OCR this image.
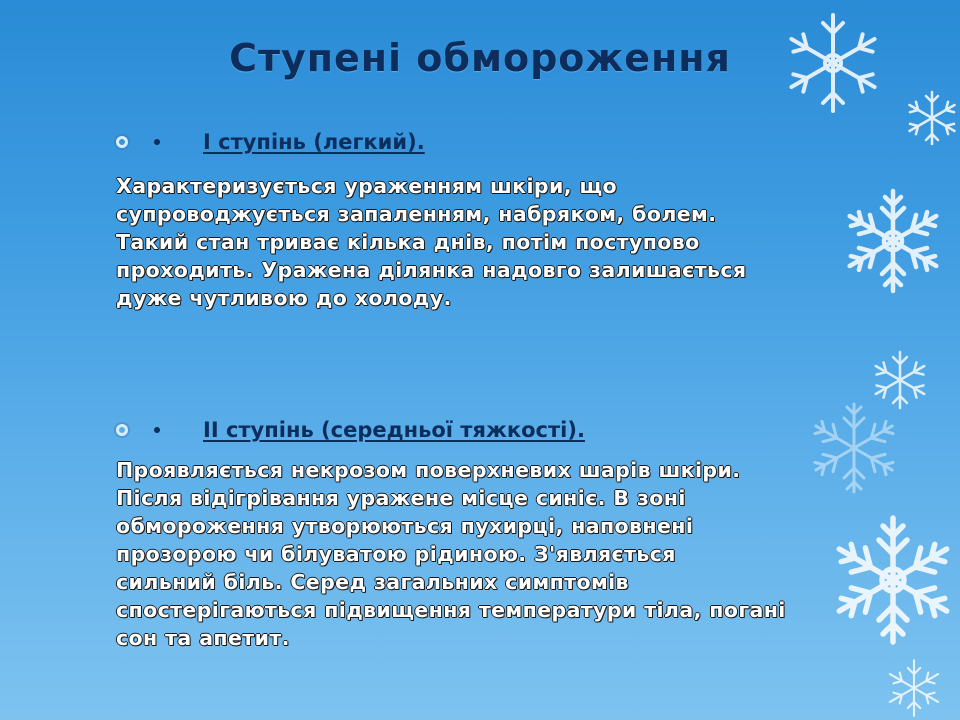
Ступені обмороження
І ступінь (легкий).

Характеризується ураженням шкіри, що
супроводжується запаленням, набряком, болем.
Такий стан триває кілька днів, потім поступово
проходить. Уражена ділянка надовго залишається
дуже чутливою до холоду.

ІІ ступінь (середньої тяжкості).

Проявляється некрозом поверхневих шарів шкіри.
Після відігрівання уражене місце синіє. В зоні
обмороження утворюються пухирці, наповнені
прозорою чи білуватою рідиною. З'являється
сильний біль. Серед загальних симптомів
спостерігаються підвищення температури тіла, погані
сон та апетит.
